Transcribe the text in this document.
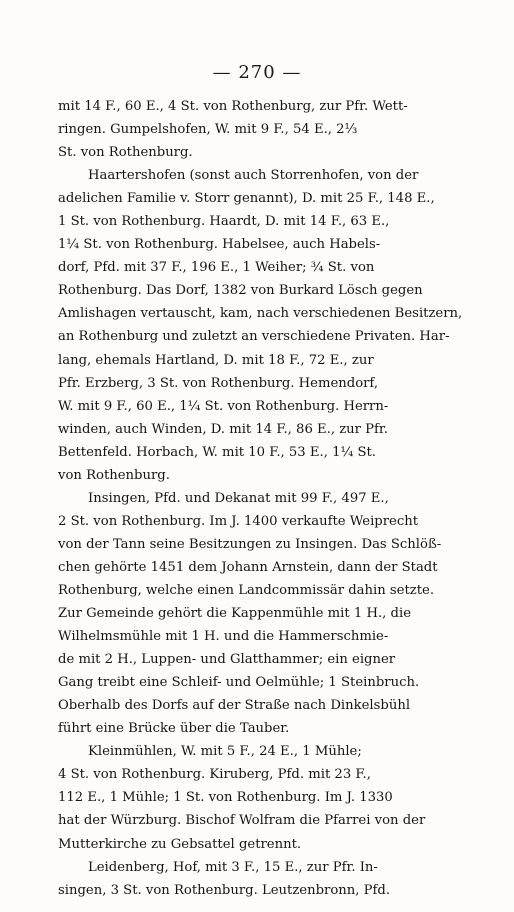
— 270 —
mit 14 F., 60 E., 4 St. von Rothenburg, zur Pfr. Wett-
ringen. Gumpelshofen, W. mit 9 F., 54 E., 2⅓
St. von Rothenburg.
Haartershofen (sonst auch Storrenhofen, von der
adelichen Familie v. Storr genannt), D. mit 25 F., 148 E.,
1 St. von Rothenburg. Haardt, D. mit 14 F., 63 E.,
1¼ St. von Rothenburg. Habelsee, auch Habels-
dorf, Pfd. mit 37 F., 196 E., 1 Weiher; ¾ St. von
Rothenburg. Das Dorf, 1382 von Burkard Lösch gegen
Amlishagen vertauscht, kam, nach verschiedenen Besitzern,
an Rothenburg und zuletzt an verschiedene Privaten. Har-
lang, ehemals Hartland, D. mit 18 F., 72 E., zur
Pfr. Erzberg, 3 St. von Rothenburg. Hemendorf,
W. mit 9 F., 60 E., 1¼ St. von Rothenburg. Herrn-
winden, auch Winden, D. mit 14 F., 86 E., zur Pfr.
Bettenfeld. Horbach, W. mit 10 F., 53 E., 1¼ St.
von Rothenburg.
Insingen, Pfd. und Dekanat mit 99 F., 497 E.,
2 St. von Rothenburg. Im J. 1400 verkaufte Weiprecht
von der Tann seine Besitzungen zu Insingen. Das Schlöß-
chen gehörte 1451 dem Johann Arnstein, dann der Stadt
Rothenburg, welche einen Landcommissär dahin setzte.
Zur Gemeinde gehört die Kappenmühle mit 1 H., die
Wilhelmsmühle mit 1 H. und die Hammerschmie-
de mit 2 H., Luppen- und Glatthammer; ein eigner
Gang treibt eine Schleif- und Oelmühle; 1 Steinbruch.
Oberhalb des Dorfs auf der Straße nach Dinkelsbühl
führt eine Brücke über die Tauber.
Kleinmühlen, W. mit 5 F., 24 E., 1 Mühle;
4 St. von Rothenburg. Kiruberg, Pfd. mit 23 F.,
112 E., 1 Mühle; 1 St. von Rothenburg. Im J. 1330
hat der Würzburg. Bischof Wolfram die Pfarrei von der
Mutterkirche zu Gebsattel getrennt.
Leidenberg, Hof, mit 3 F., 15 E., zur Pfr. In-
singen, 3 St. von Rothenburg. Leutzenbronn, Pfd.
